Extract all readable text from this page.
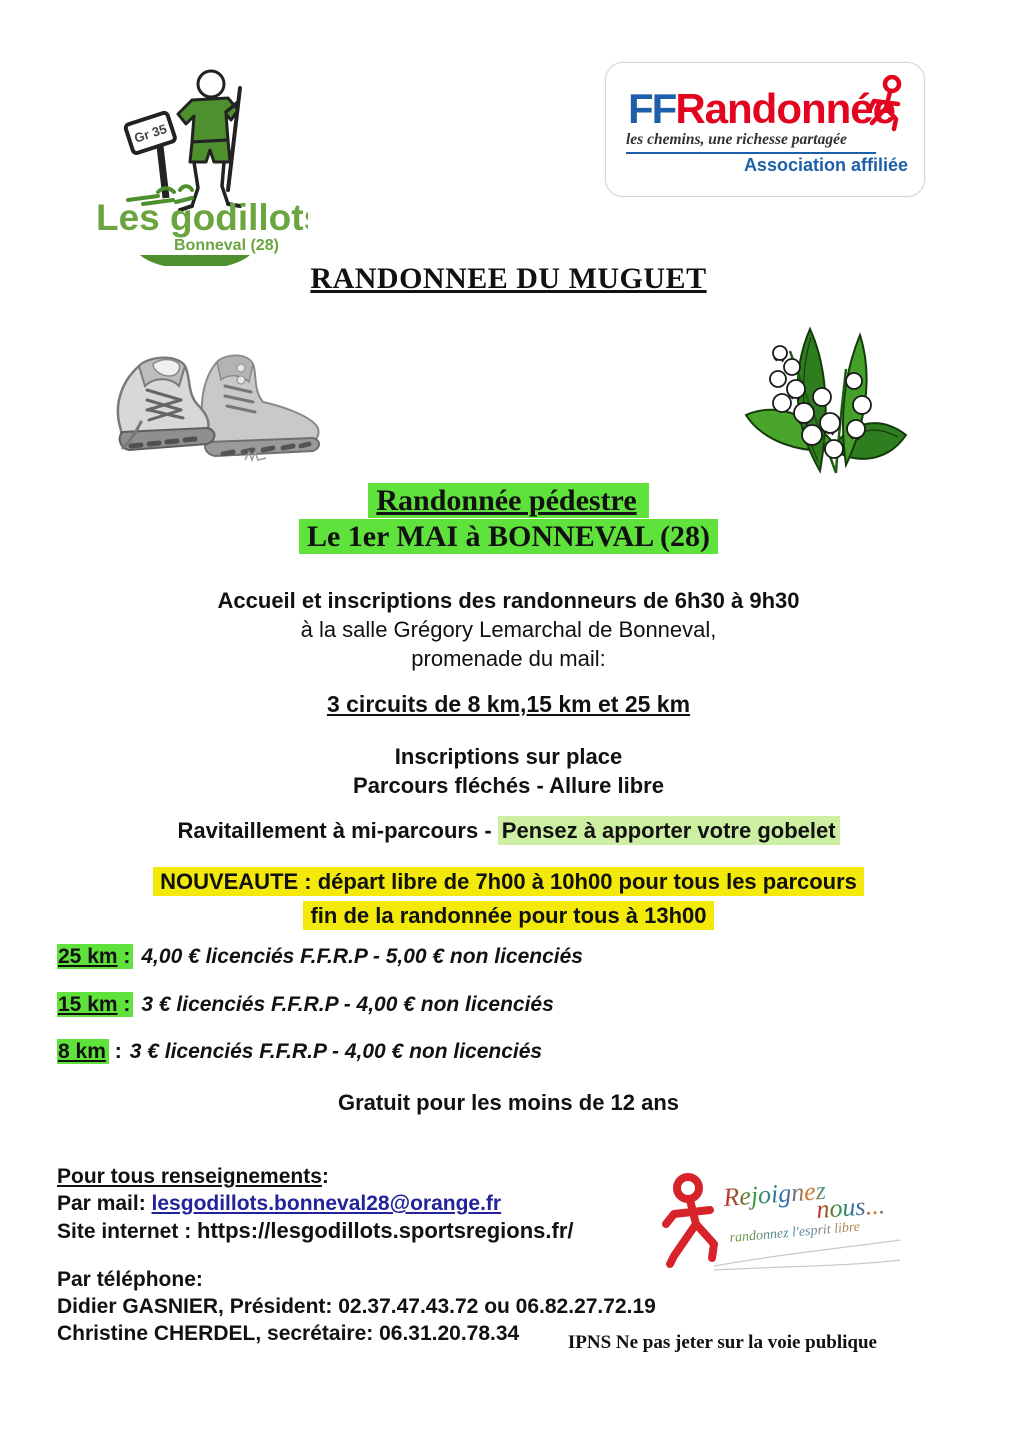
Gr 35
Les godillots
Bonneval (28)
FFRandonnée
les chemins, une richesse partagée
Association affiliée
RANDONNEE DU MUGUET
Randonnée pédestre
Le 1er MAI à BONNEVAL (28)
Accueil et inscriptions des randonneurs de 6h30 à 9h30
à la salle Grégory Lemarchal de Bonneval,
promenade du mail:
3 circuits de 8 km,15 km et 25 km
Inscriptions sur place
Parcours fléchés - Allure libre
Ravitaillement à mi-parcours - Pensez à apporter votre gobelet
NOUVEAUTE : départ libre de 7h00 à 10h00 pour tous les parcours
fin de la randonnée pour tous à 13h00
25 km : 4,00 € licenciés F.F.R.P - 5,00 € non licenciés
15 km : 3 € licenciés F.F.R.P - 4,00 € non licenciés
8 km : 3 € licenciés F.F.R.P - 4,00 € non licenciés
Gratuit pour les moins de 12 ans
Pour tous renseignements:
Par mail: lesgodillots.bonneval28@orange.fr
Site internet : https://lesgodillots.sportsregions.fr/
Par téléphone:
Didier GASNIER, Président: 02.37.47.43.72 ou 06.82.27.72.19
Christine CHERDEL, secrétaire: 06.31.20.78.34
Rejoignez
nous...
randonnez l'esprit libre
IPNS Ne pas jeter sur la voie publique
